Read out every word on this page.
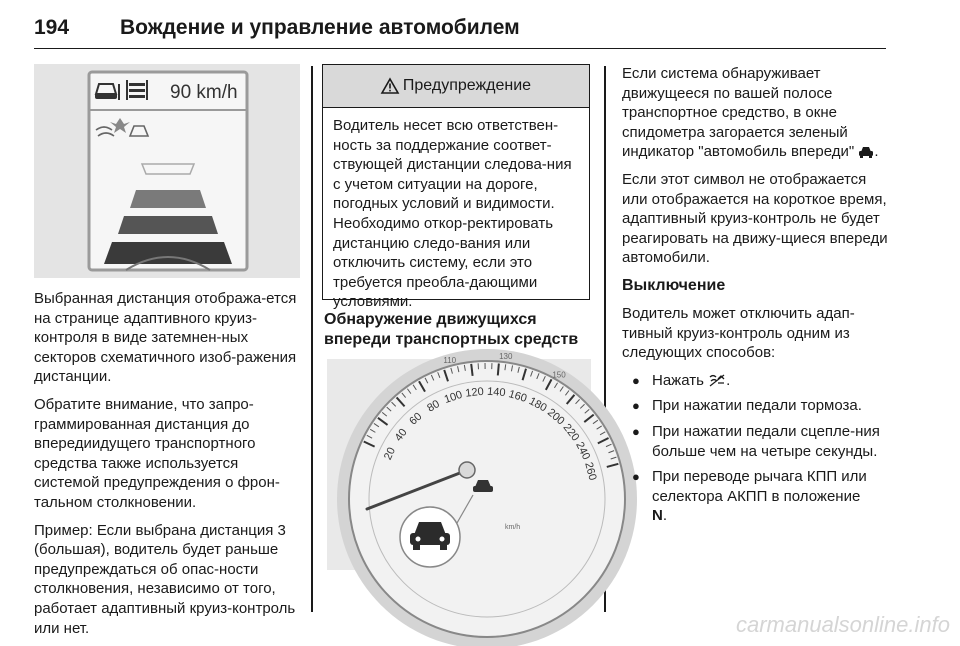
194 Вождение и управление автомобилем
90 km/h

Выбранная дистанция отобража-ется на странице адаптивного круиз-контроля в виде затемнен-ных секторов схематичного изоб-ражения дистанции.

Обратите внимание, что запро-граммированная дистанция до впередиидущего транспортного средства также используется системой предупреждения о фрон-тальном столкновении.

Пример: Если выбрана дистанция 3 (большая), водитель будет раньше предупреждаться об опас-ности столкновения, независимо от того, работает адаптивный круиз-контроль или нет.

Предупреждение
Водитель несет всю ответствен-ность за поддержание соответ-ствующей дистанции следова-ния с учетом ситуации на дороге, погодных условий и видимости. Необходимо откор-ректировать дистанцию следо-вания или отключить систему, если это требуется преобла-дающими условиями.
Обнаружение движущихся впереди транспортных средств
20
40
60
80
100 120 140 160
180
200
220
240
260
110	130
150
km/h

Если система обнаруживает движущееся по вашей полосе транспортное средство, в окне спидометра загорается зеленый индикатор "автомобиль впереди" .

Если этот символ не отображается или отображается на короткое время, адаптивный круиз-контроль не будет реагировать на движу-щиеся впереди автомобили.

Выключение

Водитель может отключить адап-тивный круиз-контроль одним из следующих способов:

● Нажать .
● При нажатии педали тормоза.
● При нажатии педали сцепле-ния больше чем на четыре секунды.
● При переводе рычага КПП или селектора АКПП в положение
N.
carmanualsonline.info
